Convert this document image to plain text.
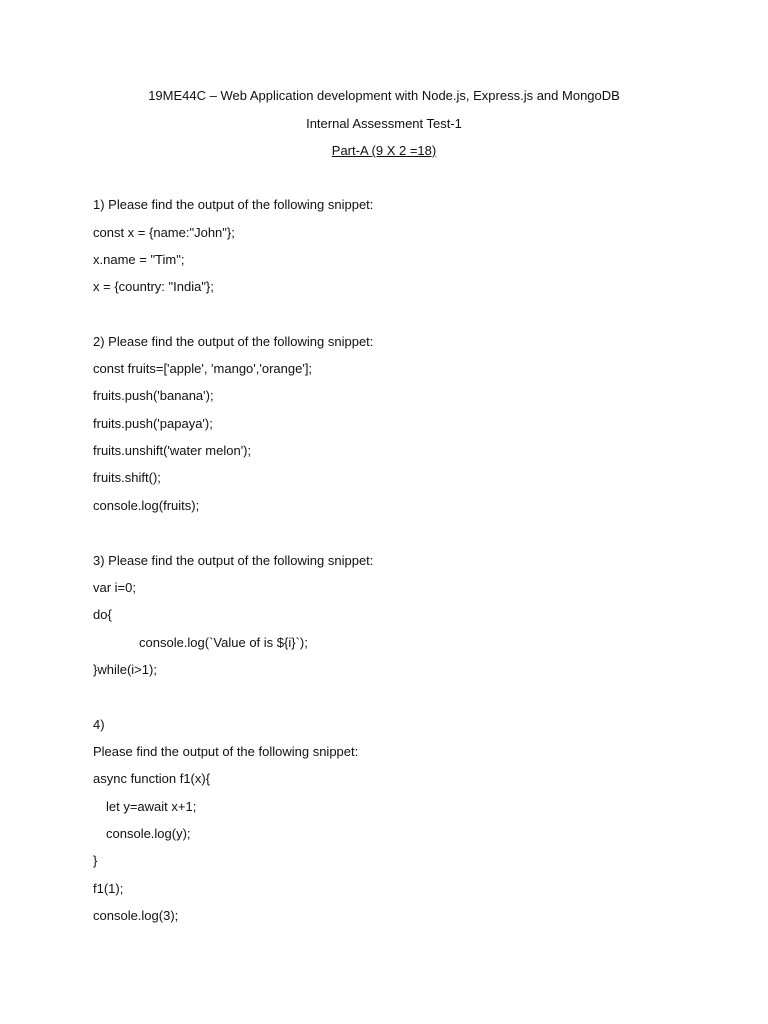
19ME44C – Web Application development with Node.js, Express.js and MongoDB
Internal Assessment Test-1
Part-A (9 X 2 =18)
1) Please find the output of the following snippet:
const x = {name:"John"};
x.name = "Tim";
x = {country: "India"};
2) Please find the output of the following snippet:
const fruits=['apple', 'mango','orange'];
fruits.push('banana');
fruits.push('papaya');
fruits.unshift('water melon');
fruits.shift();
console.log(fruits);
3) Please find the output of the following snippet:
var i=0;
do{
console.log(`Value of is ${i}`);
}while(i>1);
4)
Please find the output of the following snippet:
async function f1(x){
let y=await x+1;
console.log(y);
}
f1(1);
console.log(3);
